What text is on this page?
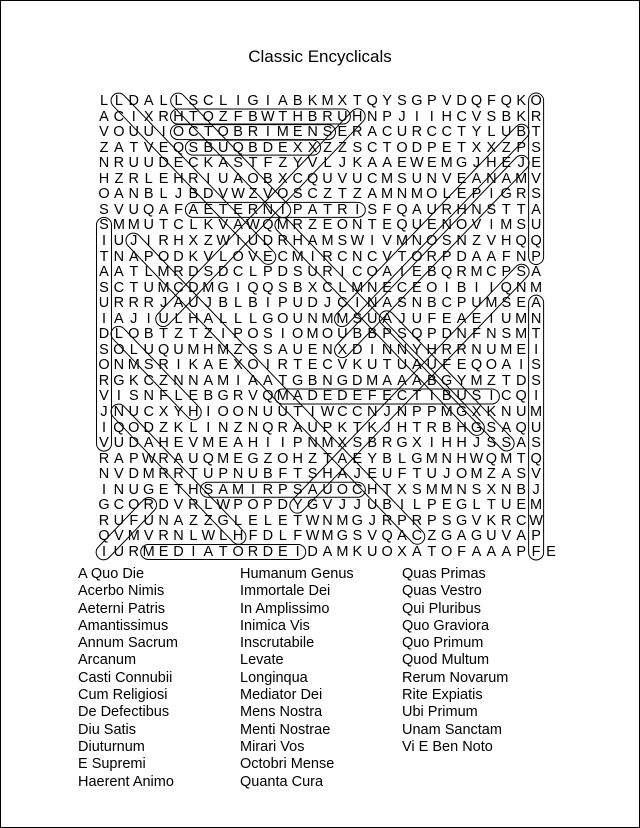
Classic Encyclicals
L L D A L L S C L I G I A B K M X T Q Y S G P V D Q F Q K O
A C I X R H T O Z F B W T H B R U H N P J I I H C V S B K R
V O U U I O C T O B R I M E N S E R A C U R C C T Y L U B T
Z A T V E Q S B U Q B D E X X Z Z S C T O D P E T X X Z P S
N R U U D E C K A S T F Z Y V L J K A A E W E M G J H E J E
H Z R L E H R I U A O B X C Q U V U C M S U N V E A N A M V
O A N B L J B D V W Z V O S C Z T Z A M N M O L E P I G R S
S V U Q A F A E T E R N I P A T R I S F Q A U R H N S T T A
S M M U T C L K V A W Q M R Z E O N T E Q U E N O V I M S U
I U J I R H X Z W I U D R H A M S W I V M N O S N Z V H Q Q
T N A P O D K V L O V E C M I R C N C V T O R P D A A F N P
A A T L M R D S D C L P D S U R I C O A I E B Q R M C P S A
S C T U M C D M G I Q Q S B X C L M N E C E O I B I I Q N M
U R R R J A U J B L B I P U D J C I N A S N B C P U M S E A
I A J I U L H A L L L G O U N M M S U A J U F E A E I U M N
D L O B T Z T Z I P O S I O M O U B B P S Q P D N F N S M T
S O L U Q U M H M Z S S A U E N X D I N N Y H R R N U M E I
O N M S R I K A E X O I R T E C V K U T U A U F E Q O A I S
R G K C Z N N A M I A A T G B N G D M A A A B G Y M Z T D S
V I S N F L E B G R V Q M A D E D E F E C T I B U S I C Q I
J N U C X Y H I O O N U U T I W C C N J N P P M G X K N U M
I Q O D Z K L I N Z N Q R A U P K T K J H T R B H G S A Q U
V U D A H E V M E A H I I P N M X S B R G X I H H J S S A S
R A P W R A U Q M E G Z O H Z T A E Y B L G M N H W Q M T Q
N V D M R R T U P N U B F T S H A J E U F T U J O M Z A S V
I N U G E T H S A M I R P S A U O C H T X S M M N S X N B J
G C O R D V R L W P O P D Y G V J J U B I L P E G L T U E M
R U F U N A Z Z G L E L E T W N M G J R P R P S G V K R C W
Q V M V R N L W L H F D L F W M G S V Q A C Z G A G U V A P
I U R M E D I A T O R D E I D A M K U O X A T O F A A A P F E
A Quo Die
Acerbo Nimis
Aeterni Patris
Amantissimus
Annum Sacrum
Arcanum
Casti Connubii
Cum Religiosi
De Defectibus
Diu Satis
Diuturnum
E Supremi
Haerent Animo
Humanum Genus
Immortale Dei
In Amplissimo
Inimica Vis
Inscrutabile
Levate
Longinqua
Mediator Dei
Mens Nostra
Menti Nostrae
Mirari Vos
Octobri Mense
Quanta Cura
Quas Primas
Quas Vestro
Qui Pluribus
Quo Graviora
Quo Primum
Quod Multum
Rerum Novarum
Rite Expiatis
Ubi Primum
Unam Sanctam
Vi E Ben Noto
